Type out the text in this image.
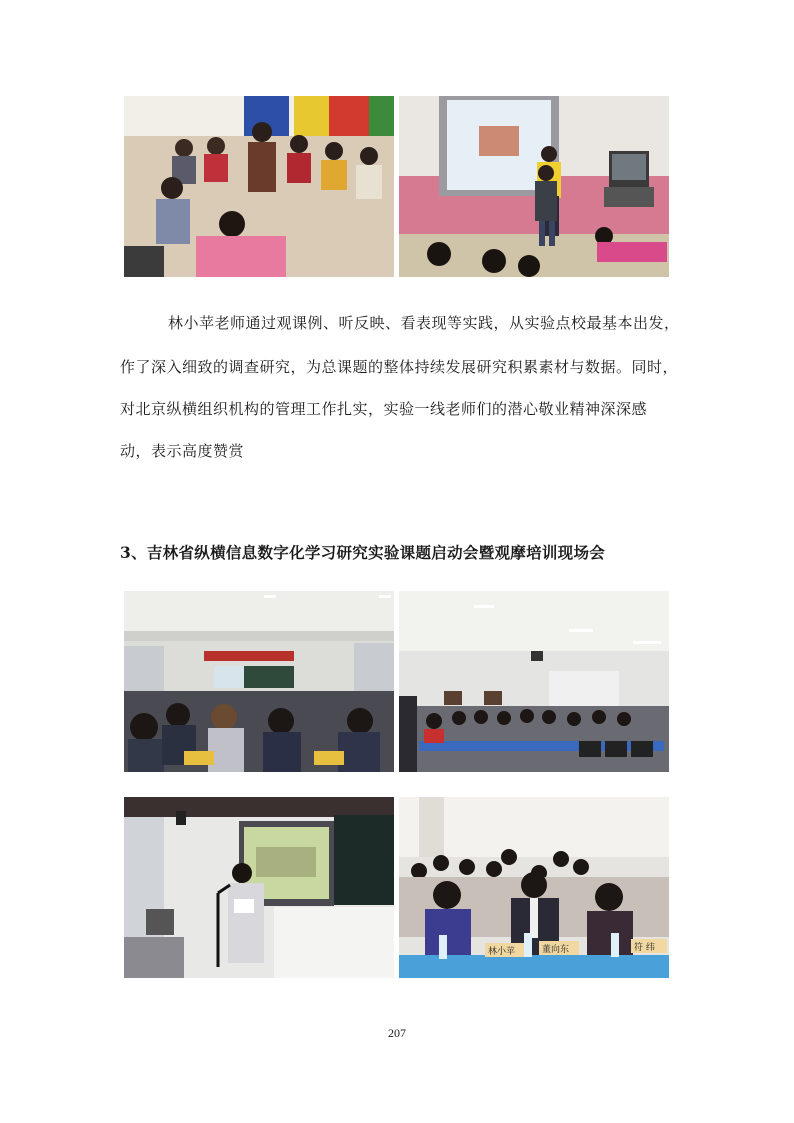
林小苹老师通过观课例、听反映、看表现等实践，从实验点校最基本出发，
作了深入细致的调查研究，为总课题的整体持续发展研究积累素材与数据。同时，
对北京纵横组织机构的管理工作扎实，实验一线老师们的潜心敬业精神深深感
动，表示高度赞赏
3、吉林省纵横信息数字化学习研究实验课题启动会暨观摩培训现场会
林小苹	董向东	符 纬
207
